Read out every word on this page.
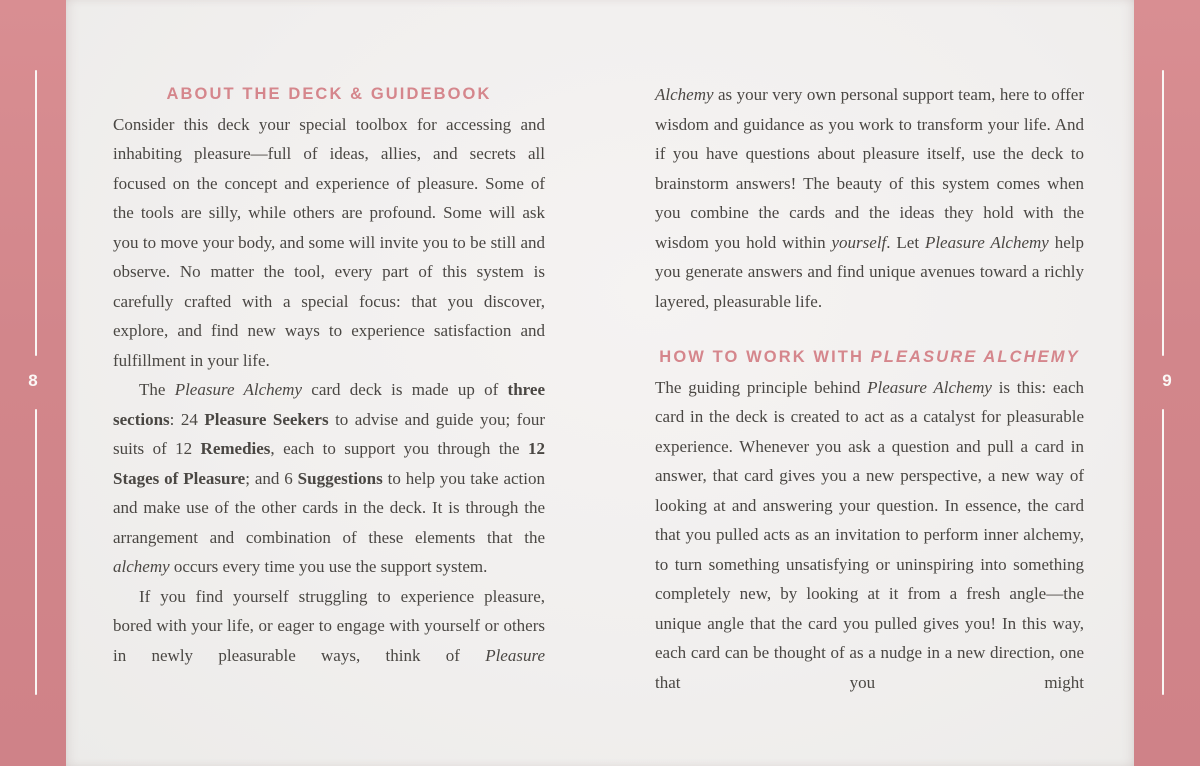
8
ABOUT THE DECK & GUIDEBOOK

Consider this deck your special toolbox for accessing and inhabiting pleasure—full of ideas, allies, and secrets all focused on the concept and experience of pleasure. Some of the tools are silly, while others are profound. Some will ask you to move your body, and some will invite you to be still and observe. No matter the tool, every part of this system is carefully crafted with a special focus: that you discover, explore, and find new ways to experience satisfaction and fulfillment in your life.

The Pleasure Alchemy card deck is made up of three sections: 24 Pleasure Seekers to advise and guide you; four suits of 12 Remedies, each to support you through the 12 Stages of Pleasure; and 6 Suggestions to help you take action and make use of the other cards in the deck. It is through the arrangement and combination of these elements that the alchemy occurs every time you use the support system.

If you find yourself struggling to experience pleasure, bored with your life, or eager to engage with yourself or others in newly pleasurable ways, think of Pleasure

Alchemy as your very own personal support team, here to offer wisdom and guidance as you work to transform your life. And if you have questions about pleasure itself, use the deck to brainstorm answers! The beauty of this system comes when you combine the cards and the ideas they hold with the wisdom you hold within yourself. Let Pleasure Alchemy help you generate answers and find unique avenues toward a richly layered, pleasurable life.

HOW TO WORK WITH PLEASURE ALCHEMY

The guiding principle behind Pleasure Alchemy is this: each card in the deck is created to act as a catalyst for pleasurable experience. Whenever you ask a question and pull a card in answer, that card gives you a new perspective, a new way of looking at and answering your question. In essence, the card that you pulled acts as an invitation to perform inner alchemy, to turn something unsatisfying or uninspiring into something completely new, by looking at it from a fresh angle—the unique angle that the card you pulled gives you! In this way, each card can be thought of as a nudge in a new direction, one that you might

9
